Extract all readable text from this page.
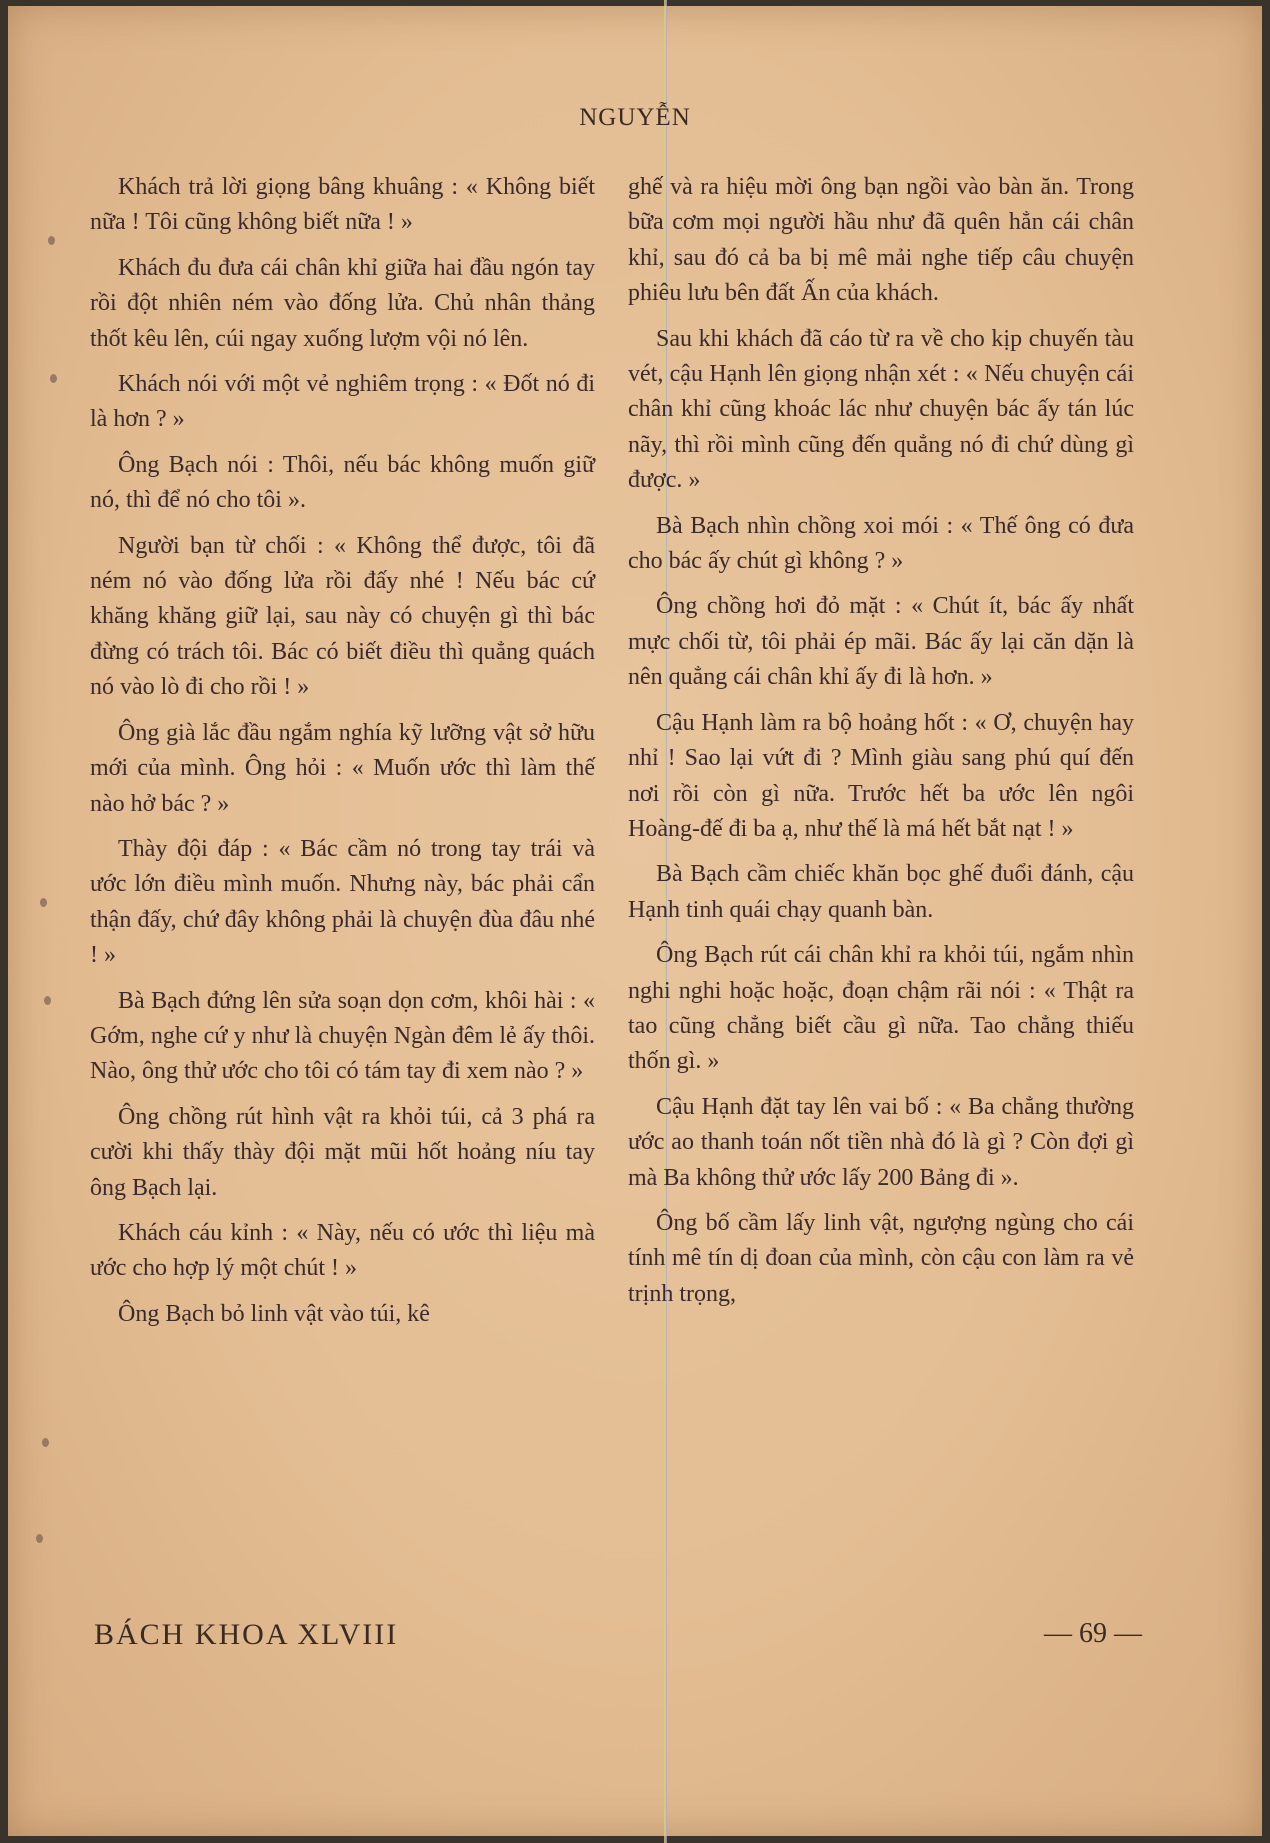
NGUYỄN

Khách trả lời giọng bâng khuâng : « Không biết nữa ! Tôi cũng không biết nữa ! »

Khách đu đưa cái chân khỉ giữa hai đầu ngón tay rồi đột nhiên ném vào đống lửa. Chủ nhân thảng thốt kêu lên, cúi ngay xuống lượm vội nó lên.

Khách nói với một vẻ nghiêm trọng : « Đốt nó đi là hơn ? »

Ông Bạch nói : Thôi, nếu bác không muốn giữ nó, thì để nó cho tôi ».

Người bạn từ chối : « Không thể được, tôi đã ném nó vào đống lửa rồi đấy nhé ! Nếu bác cứ khăng khăng giữ lại, sau này có chuyện gì thì bác đừng có trách tôi. Bác có biết điều thì quẳng quách nó vào lò đi cho rồi ! »

Ông già lắc đầu ngắm nghía kỹ lưỡng vật sở hữu mới của mình. Ông hỏi : « Muốn ước thì làm thế nào hở bác ? »

Thày đội đáp : « Bác cầm nó trong tay trái và ước lớn điều mình muốn. Nhưng này, bác phải cẩn thận đấy, chứ đây không phải là chuyện đùa đâu nhé ! »

Bà Bạch đứng lên sửa soạn dọn cơm, khôi hài : « Gớm, nghe cứ y như là chuyện Ngàn đêm lẻ ấy thôi. Nào, ông thử ước cho tôi có tám tay đi xem nào ? »

Ông chồng rút hình vật ra khỏi túi, cả 3 phá ra cười khi thấy thày đội mặt mũi hốt hoảng níu tay ông Bạch lại.

Khách cáu kỉnh : « Này, nếu có ước thì liệu mà ước cho hợp lý một chút ! »

Ông Bạch bỏ linh vật vào túi, kê

ghế và ra hiệu mời ông bạn ngồi vào bàn ăn. Trong bữa cơm mọi người hầu như đã quên hẳn cái chân khỉ, sau đó cả ba bị mê mải nghe tiếp câu chuyện phiêu lưu bên đất Ấn của khách.

Sau khi khách đã cáo từ ra về cho kịp chuyến tàu vét, cậu Hạnh lên giọng nhận xét : « Nếu chuyện cái chân khỉ cũng khoác lác như chuyện bác ấy tán lúc nãy, thì rồi mình cũng đến quẳng nó đi chứ dùng gì được. »

Bà Bạch nhìn chồng xoi mói : « Thế ông có đưa cho bác ấy chút gì không ? »

Ông chồng hơi đỏ mặt : « Chút ít, bác ấy nhất mực chối từ, tôi phải ép mãi. Bác ấy lại căn dặn là nên quẳng cái chân khỉ ấy đi là hơn. »

Cậu Hạnh làm ra bộ hoảng hốt : « Ơ, chuyện hay nhỉ ! Sao lại vứt đi ? Mình giàu sang phú quí đến nơi rồi còn gì nữa. Trước hết ba ước lên ngôi Hoàng-đế đi ba ạ, như thế là má hết bắt nạt ! »

Bà Bạch cầm chiếc khăn bọc ghế đuổi đánh, cậu Hạnh tinh quái chạy quanh bàn.

Ông Bạch rút cái chân khỉ ra khỏi túi, ngắm nhìn nghi nghi hoặc hoặc, đoạn chậm rãi nói : « Thật ra tao cũng chẳng biết cầu gì nữa. Tao chẳng thiếu thốn gì. »

Cậu Hạnh đặt tay lên vai bố : « Ba chẳng thường ước ao thanh toán nốt tiền nhà đó là gì ? Còn đợi gì mà Ba không thử ước lấy 200 Bảng đi ».

Ông bố cầm lấy linh vật, ngượng ngùng cho cái tính mê tín dị đoan của mình, còn cậu con làm ra vẻ trịnh trọng,

BÁCH KHOA XLVIII	— 69 —
